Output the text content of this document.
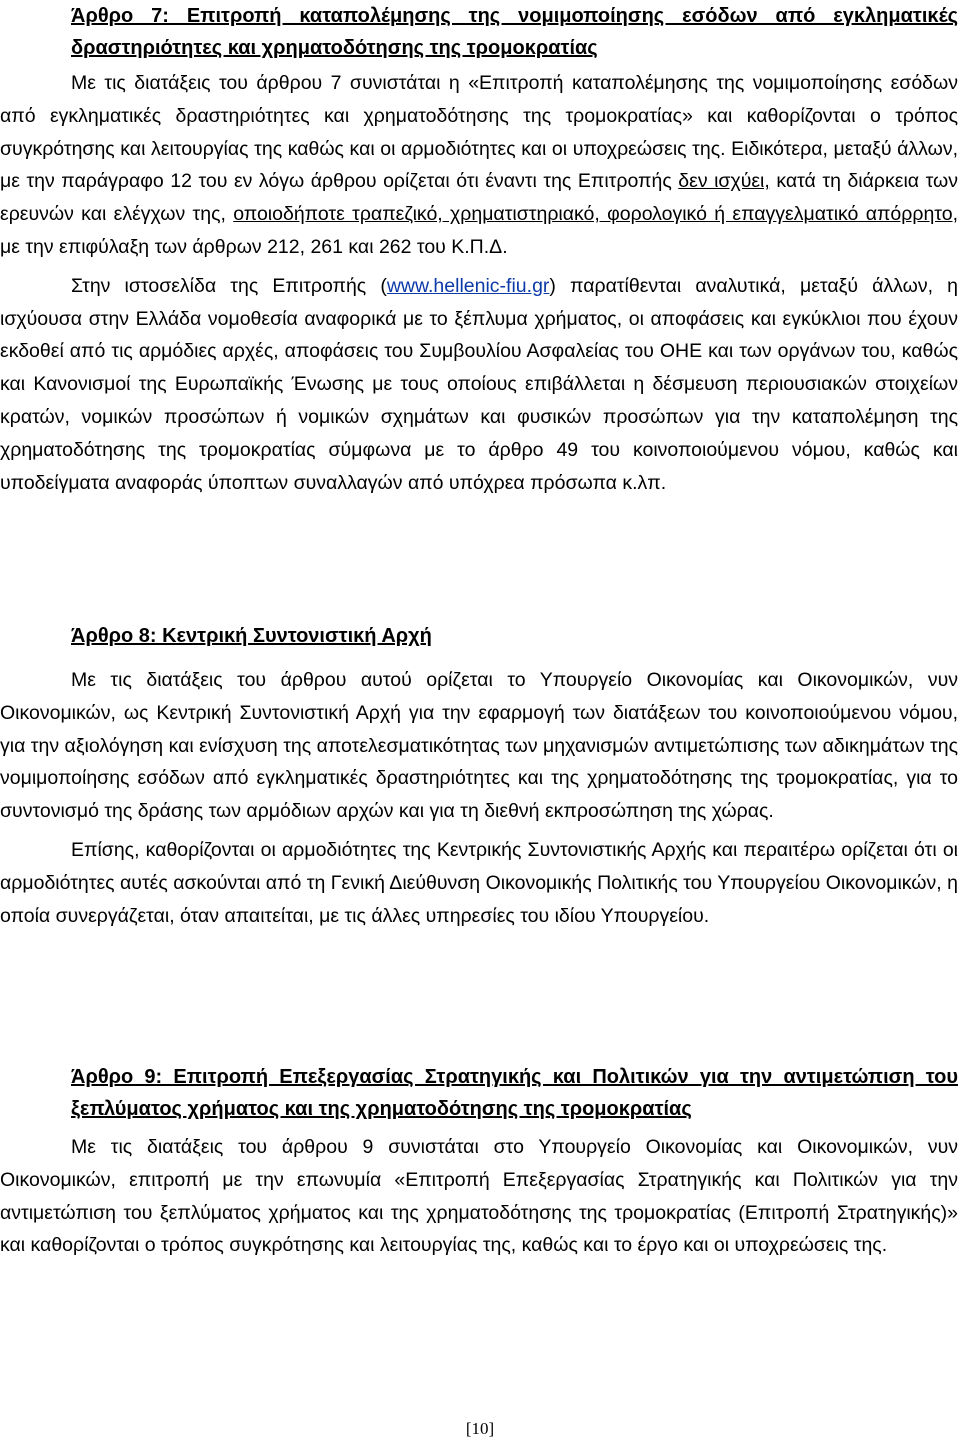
Άρθρο 7: Επιτροπή καταπολέμησης της νομιμοποίησης εσόδων από εγκληματικές δραστηριότητες και χρηματοδότησης της τρομοκρατίας

Με τις διατάξεις του άρθρου 7 συνιστάται η «Επιτροπή καταπολέμησης της νομιμοποίησης εσόδων από εγκληματικές δραστηριότητες και χρηματοδότησης της τρομοκρατίας» και καθορίζονται ο τρόπος συγκρότησης και λειτουργίας της καθώς και οι αρμοδιότητες και οι υποχρεώσεις της. Ειδικότερα, μεταξύ άλλων, με την παράγραφο 12 του εν λόγω άρθρου ορίζεται ότι έναντι της Επιτροπής δεν ισχύει, κατά τη διάρκεια των ερευνών και ελέγχων της, οποιοδήποτε τραπεζικό, χρηματιστηριακό, φορολογικό ή επαγγελματικό απόρρητο, με την επιφύλαξη των άρθρων 212, 261 και 262 του Κ.Π.Δ.

Στην ιστοσελίδα της Επιτροπής (www.hellenic-fiu.gr) παρατίθενται αναλυτικά, μεταξύ άλλων, η ισχύουσα στην Ελλάδα νομοθεσία αναφορικά με το ξέπλυμα χρήματος, οι αποφάσεις και εγκύκλιοι που έχουν εκδοθεί από τις αρμόδιες αρχές, αποφάσεις του Συμβουλίου Ασφαλείας του ΟΗΕ και των οργάνων του, καθώς και Κανονισμοί της Ευρωπαϊκής Ένωσης με τους οποίους επιβάλλεται η δέσμευση περιουσιακών στοιχείων κρατών, νομικών προσώπων ή νομικών σχημάτων και φυσικών προσώπων για την καταπολέμηση της χρηματοδότησης της τρομοκρατίας σύμφωνα με το άρθρο 49 του κοινοποιούμενου νόμου, καθώς και υποδείγματα αναφοράς ύποπτων συναλλαγών από υπόχρεα πρόσωπα κ.λπ.

Άρθρο 8: Κεντρική Συντονιστική Αρχή

Με τις διατάξεις του άρθρου αυτού ορίζεται το Υπουργείο Οικονομίας και Οικονομικών, νυν Οικονομικών, ως Κεντρική Συντονιστική Αρχή για την εφαρμογή των διατάξεων του κοινοποιούμενου νόμου, για την αξιολόγηση και ενίσχυση της αποτελεσματικότητας των μηχανισμών αντιμετώπισης των αδικημάτων της νομιμοποίησης εσόδων από εγκληματικές δραστηριότητες και της χρηματοδότησης της τρομοκρατίας, για το συντονισμό της δράσης των αρμόδιων αρχών και για τη διεθνή εκπροσώπηση της χώρας.

Επίσης, καθορίζονται οι αρμοδιότητες της Κεντρικής Συντονιστικής Αρχής και περαιτέρω ορίζεται ότι οι αρμοδιότητες αυτές ασκούνται από τη Γενική Διεύθυνση Οικονομικής Πολιτικής του Υπουργείου Οικονομικών, η οποία συνεργάζεται, όταν απαιτείται, με τις άλλες υπηρεσίες του ιδίου Υπουργείου.

Άρθρο 9: Επιτροπή Επεξεργασίας Στρατηγικής και Πολιτικών για την αντιμετώπιση του ξεπλύματος χρήματος και της χρηματοδότησης της τρομοκρατίας

Με τις διατάξεις του άρθρου 9 συνιστάται στο Υπουργείο Οικονομίας και Οικονομικών, νυν Οικονομικών, επιτροπή με την επωνυμία «Επιτροπή Επεξεργασίας Στρατηγικής και Πολιτικών για την αντιμετώπιση του ξεπλύματος χρήματος και της χρηματοδότησης της τρομοκρατίας (Επιτροπή Στρατηγικής)» και καθορίζονται ο τρόπος συγκρότησης και λειτουργίας της, καθώς και το έργο και οι υποχρεώσεις της.

[10]
